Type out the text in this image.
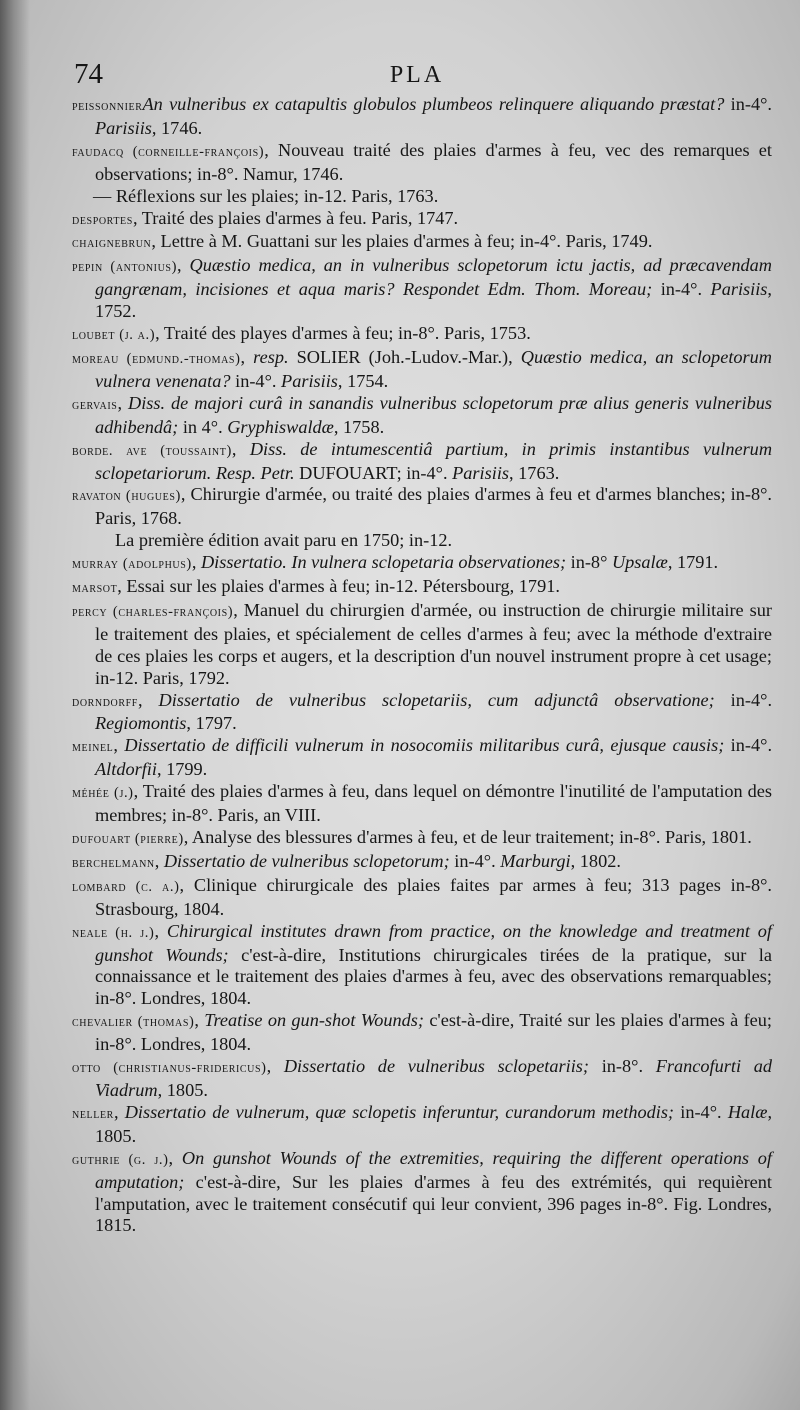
74	PLA
peissonnierAn vulneribus ex catapultis globulos plumbeos relinquere aliquando præstat? in-4°. Parisiis, 1746.
faudacq (corneille-françois), Nouveau traité des plaies d'armes à feu, vec des remarques et observations; in-8°. Namur, 1746.
— Réflexions sur les plaies; in-12. Paris, 1763.
desportes, Traité des plaies d'armes à feu. Paris, 1747.
chaignebrun, Lettre à M. Guattani sur les plaies d'armes à feu; in-4°. Paris, 1749.
pepin (antonius), Quæstio medica, an in vulneribus sclopetorum ictu jactis, ad præcavendam gangrænam, incisiones et aqua maris? Respondet Edm. Thom. Moreau; in-4°. Parisiis, 1752.
loubet (j. a.), Traité des playes d'armes à feu; in-8°. Paris, 1753.
moreau (edmund.-thomas), resp. SOLIER (Joh.-Ludov.-Mar.), Quæstio medica, an sclopetorum vulnera venenata? in-4°. Parisiis, 1754.
gervais, Diss. de majori curâ in sanandis vulneribus sclopetorum præ alius generis vulneribus adhibendâ; in 4°. Gryphiswaldæ, 1758.
borde. ave (toussaint), Diss. de intumescentiâ partium, in primis instantibus vulnerum sclopetariorum. Resp. Petr. DUFOUART; in-4°. Parisiis, 1763.
ravaton (hugues), Chirurgie d'armée, ou traité des plaies d'armes à feu et d'armes blanches; in-8°. Paris, 1768.
La première édition avait paru en 1750; in-12.
murray (adolphus), Dissertatio. In vulnera sclopetaria observationes; in-8° Upsalæ, 1791.
marsot, Essai sur les plaies d'armes à feu; in-12. Pétersbourg, 1791.
percy (charles-françois), Manuel du chirurgien d'armée, ou instruction de chirurgie militaire sur le traitement des plaies, et spécialement de celles d'armes à feu; avec la méthode d'extraire de ces plaies les corps et augers, et la description d'un nouvel instrument propre à cet usage; in-12. Paris, 1792.
dorndorff, Dissertatio de vulneribus sclopetariis, cum adjunctâ observatione; in-4°. Regiomontis, 1797.
meinel, Dissertatio de difficili vulnerum in nosocomiis militaribus curâ, ejusque causis; in-4°. Altdorfii, 1799.
méhée (j.), Traité des plaies d'armes à feu, dans lequel on démontre l'inutilité de l'amputation des membres; in-8°. Paris, an VIII.
dufouart (pierre), Analyse des blessures d'armes à feu, et de leur traitement; in-8°. Paris, 1801.
berchelmann, Dissertatio de vulneribus sclopetorum; in-4°. Marburgi, 1802.
lombard (c. a.), Clinique chirurgicale des plaies faites par armes à feu; 313 pages in-8°. Strasbourg, 1804.
neale (h. j.), Chirurgical institutes drawn from practice, on the knowledge and treatment of gunshot Wounds; c'est-à-dire, Institutions chirurgicales tirées de la pratique, sur la connaissance et le traitement des plaies d'armes à feu, avec des observations remarquables; in-8°. Londres, 1804.
chevalier (thomas), Treatise on gun-shot Wounds; c'est-à-dire, Traité sur les plaies d'armes à feu; in-8°. Londres, 1804.
otto (christianus-fridericus), Dissertatio de vulneribus sclopetariis; in-8°. Francofurti ad Viadrum, 1805.
neller, Dissertatio de vulnerum, quæ sclopetis inferuntur, curandorum methodis; in-4°. Halæ, 1805.
guthrie (g. j.), On gunshot Wounds of the extremities, requiring the different operations of amputation; c'est-à-dire, Sur les plaies d'armes à feu des extrémités, qui requièrent l'amputation, avec le traitement consécutif qui leur convient, 396 pages in-8°. Fig. Londres, 1815.
